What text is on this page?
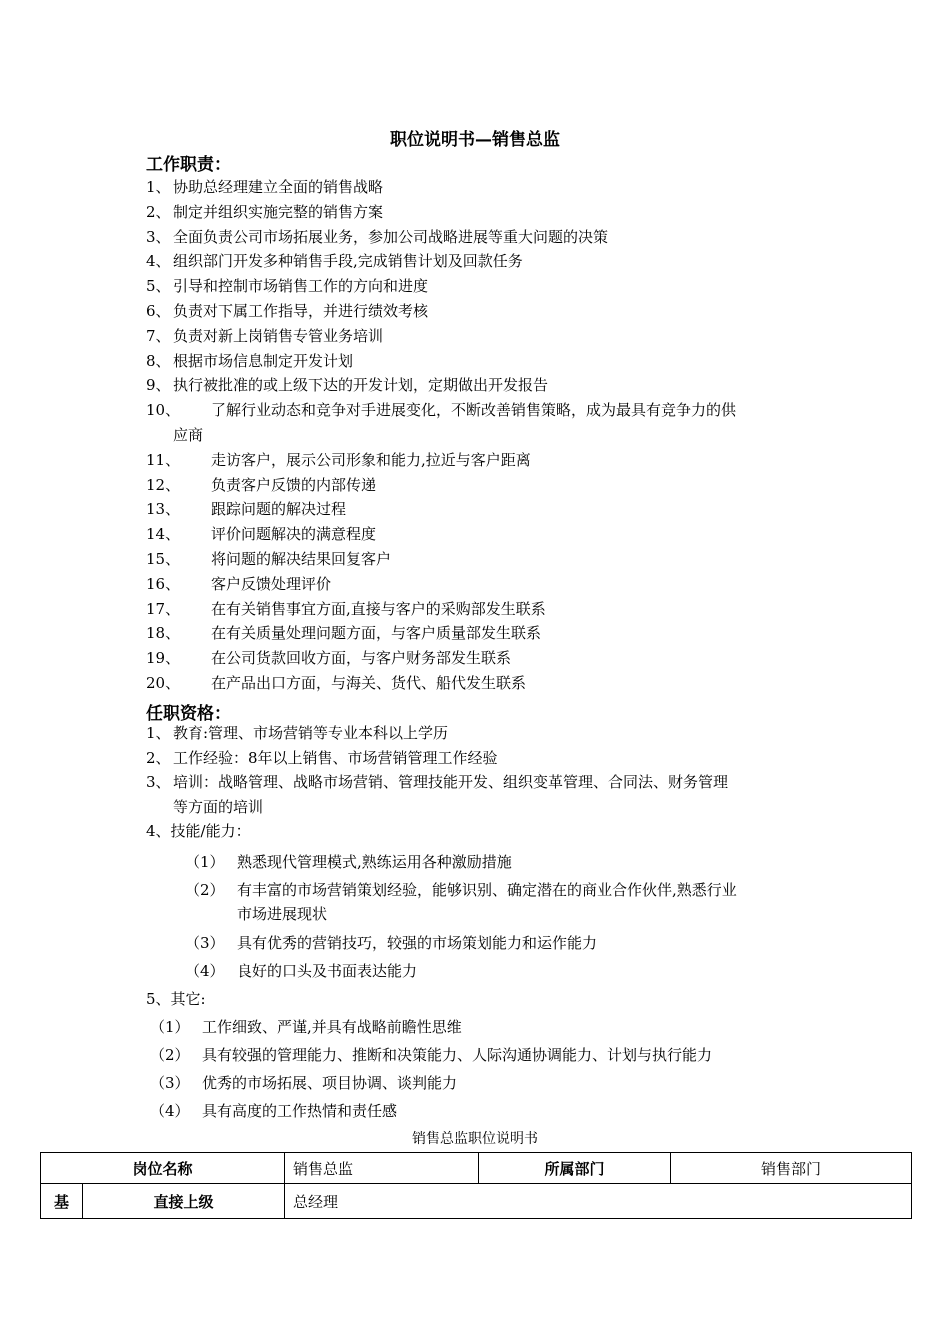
职位说明书—销售总监
工作职责：
1、 协助总经理建立全面的销售战略
2、 制定并组织实施完整的销售方案
3、 全面负责公司市场拓展业务，参加公司战略进展等重大问题的决策
4、 组织部门开发多种销售手段,完成销售计划及回款任务
5、 引导和控制市场销售工作的方向和进度
6、 负责对下属工作指导，并进行绩效考核
7、 负责对新上岗销售专管业务培训
8、 根据市场信息制定开发计划
9、 执行被批准的或上级下达的开发计划，定期做出开发报告
10、 了解行业动态和竞争对手进展变化，不断改善销售策略，成为最具有竞争力的供
应商
11、 走访客户，展示公司形象和能力,拉近与客户距离
12、 负责客户反馈的内部传递
13、 跟踪问题的解决过程
14、 评价问题解决的满意程度
15、 将问题的解决结果回复客户
16、 客户反馈处理评价
17、 在有关销售事宜方面,直接与客户的采购部发生联系
18、 在有关质量处理问题方面，与客户质量部发生联系
19、 在公司货款回收方面，与客户财务部发生联系
20、 在产品出口方面，与海关、货代、船代发生联系
任职资格：
1、 教育:管理、市场营销等专业本科以上学历
2、 工作经验：8年以上销售、市场营销管理工作经验
3、 培训：战略管理、战略市场营销、管理技能开发、组织变革管理、合同法、财务管理
等方面的培训
4、技能/能力：
（1） 熟悉现代管理模式,熟练运用各种激励措施
（2） 有丰富的市场营销策划经验，能够识别、确定潜在的商业合作伙伴,熟悉行业
市场进展现状
（3） 具有优秀的营销技巧，较强的市场策划能力和运作能力
（4） 良好的口头及书面表达能力
5、其它:
（1） 工作细致、严谨,并具有战略前瞻性思维
（2） 具有较强的管理能力、推断和决策能力、人际沟通协调能力、计划与执行能力
（3） 优秀的市场拓展、项目协调、谈判能力
（4） 具有高度的工作热情和责任感
销售总监职位说明书
岗位名称		销售总监	所属部门	销售部门
基	直接上级	总经理		
